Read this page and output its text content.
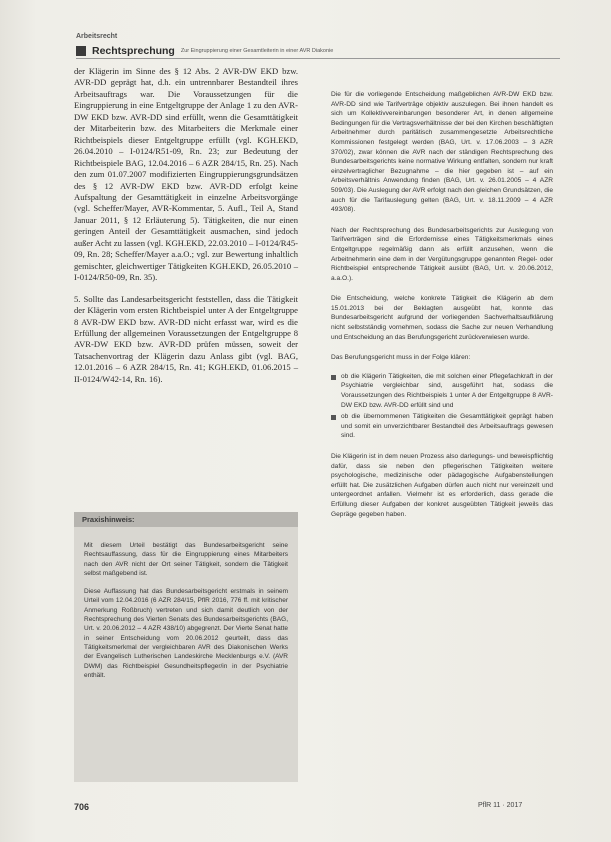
Arbeitsrecht
Rechtsprechung Zur Eingruppierung einer Gesamtleiterin in einer AVR Diakonie

der Klägerin im Sinne des § 12 Abs. 2 AVR-DW EKD bzw. AVR-DD geprägt hat, d.h. ein untrennbarer Bestandteil ihres Arbeitsauftrags war. Die Voraussetzungen für die Eingruppierung in eine Entgeltgruppe der Anlage 1 zu den AVR-DW EKD bzw. AVR-DD sind erfüllt, wenn die Gesamttätigkeit der Mitarbeiterin bzw. des Mitarbeiters die Merkmale einer Richtbeispiels dieser Entgeltgruppe erfüllt (vgl. KGH.EKD, 26.04.2010 – I-0124/R51-09, Rn. 23; zur Bedeutung der Richtbeispiele BAG, 12.04.2016 – 6 AZR 284/15, Rn. 25). Nach den zum 01.07.2007 modifizierten Eingruppierungsgrundsätzen des § 12 AVR-DW EKD bzw. AVR-DD erfolgt keine Aufspaltung der Gesamttätigkeit in einzelne Arbeitsvorgänge (vgl. Scheffer/Mayer, AVR-Kommentar, 5. Aufl., Teil A, Stand Januar 2011, § 12 Erläuterung 5). Tätigkeiten, die nur einen geringen Anteil der Gesamttätigkeit ausmachen, sind jedoch außer Acht zu lassen (vgl. KGH.EKD, 22.03.2010 – I-0124/R45-09, Rn. 28; Scheffer/Mayer a.a.O.; vgl. zur Bewertung inhaltlich gemischter, gleichwertiger Tätigkeiten KGH.EKD, 26.05.2010 – I-0124/R50-09, Rn. 35).

5. Sollte das Landesarbeitsgericht feststellen, dass die Tätigkeit der Klägerin vom ersten Richtbeispiel unter A der Entgeltgruppe 8 AVR-DW EKD bzw. AVR-DD nicht erfasst war, wird es die Erfüllung der allgemeinen Voraussetzungen der Entgeltgruppe 8 AVR-DW EKD bzw. AVR-DD prüfen müssen, soweit der Tatsachenvortrag der Klägerin dazu Anlass gibt (vgl. BAG, 12.01.2016 – 6 AZR 284/15, Rn. 41; KGH.EKD, 01.06.2015 – II-0124/W42-14, Rn. 16).

Praxishinweis:

Mit diesem Urteil bestätigt das Bundesarbeitsgericht seine Rechtsauffassung, dass für die Eingruppierung eines Mitarbeiters nach den AVR nicht der Ort seiner Tätigkeit, sondern die Tätigkeit selbst maßgebend ist.

Diese Auffassung hat das Bundesarbeitsgericht erstmals in seinem Urteil vom 12.04.2016 (6 AZR 284/15, PflR 2016, 776 ff. mit kritischer Anmerkung Roßbruch) vertreten und sich damit deutlich von der Rechtsprechung des Vierten Senats des Bundesarbeitsgerichts (BAG, Urt. v. 20.06.2012 – 4 AZR 438/10) abgegrenzt. Der Vierte Senat hatte in seiner Entscheidung vom 20.06.2012 geurteilt, dass das Tätigkeitsmerkmal der vergleichbaren AVR des Diakonischen Werks der Evangelisch Lutherischen Landeskirche Mecklenburgs e.V. (AVR DWM) das Richtbeispiel Gesundheitspfleger/in in der Psychiatrie enthält.

Die für die vorliegende Entscheidung maßgeblichen AVR-DW EKD bzw. AVR-DD sind wie Tarifverträge objektiv auszulegen. Bei ihnen handelt es sich um Kollektivvereinbarungen besonderer Art, in denen allgemeine Bedingungen für die Vertragsverhältnisse der bei den Kirchen beschäftigten Arbeitnehmer durch paritätisch zusammengesetzte Arbeitsrechtliche Kommissionen festgelegt werden (BAG, Urt. v. 17.06.2003 – 3 AZR 370/02), zwar können die AVR nach der ständigen Rechtsprechung des Bundesarbeitsgerichts keine normative Wirkung entfalten, sondern nur kraft einzelvertraglicher Bezugnahme – die hier gegeben ist – auf ein Arbeitsverhältnis Anwendung finden (BAG, Urt. v. 26.01.2005 – 4 AZR 509/03). Die Auslegung der AVR erfolgt nach den gleichen Grundsätzen, die auch für die Tarifauslegung gelten (BAG, Urt. v. 18.11.2009 – 4 AZR 493/08).

Nach der Rechtsprechung des Bundesarbeitsgerichts zur Auslegung von Tarifverträgen sind die Erfordernisse eines Tätigkeitsmerkmals eines Entgeltgruppe regelmäßig dann als erfüllt anzusehen, wenn die Arbeitnehmerin eine dem in der Vergütungsgruppe genannten Regel- oder Richtbeispiel entsprechende Tätigkeit ausübt (BAG, Urt. v. 20.06.2012, a.a.O.).

Die Entscheidung, welche konkrete Tätigkeit die Klägerin ab dem 15.01.2013 bei der Beklagten ausgeübt hat, konnte das Bundesarbeitsgericht aufgrund der vorliegenden Sachverhaltsaufklärung nicht selbstständig vornehmen, sodass die Sache zur neuen Verhandlung und Entscheidung an das Berufungsgericht zurückverwiesen wurde.

Das Berufungsgericht muss in der Folge klären:

ob die Klägerin Tätigkeiten, die mit solchen einer Pflegefachkraft in der Psychiatrie vergleichbar sind, ausgeführt hat, sodass die Voraussetzungen des Richtbeispiels 1 unter A der Entgeltgruppe 8 AVR-DW EKD bzw. AVR-DD erfüllt sind und
ob die übernommenen Tätigkeiten die Gesamttätigkeit geprägt haben und somit ein unverzichtbarer Bestandteil des Arbeitsauftrags gewesen sind.

Die Klägerin ist in dem neuen Prozess also darlegungs- und beweispflichtig dafür, dass sie neben den pflegerischen Tätigkeiten weitere psychologische, medizinische oder pädagogische Aufgabenstellungen erfüllt hat. Die zusätzlichen Aufgaben dürfen auch nicht nur vereinzelt und untergeordnet anfallen. Vielmehr ist es erforderlich, dass gerade die Erfüllung dieser Aufgaben der konkret ausgeübten Tätigkeit jeweils das Gepräge gegeben haben.

706	PflR 11 · 2017
